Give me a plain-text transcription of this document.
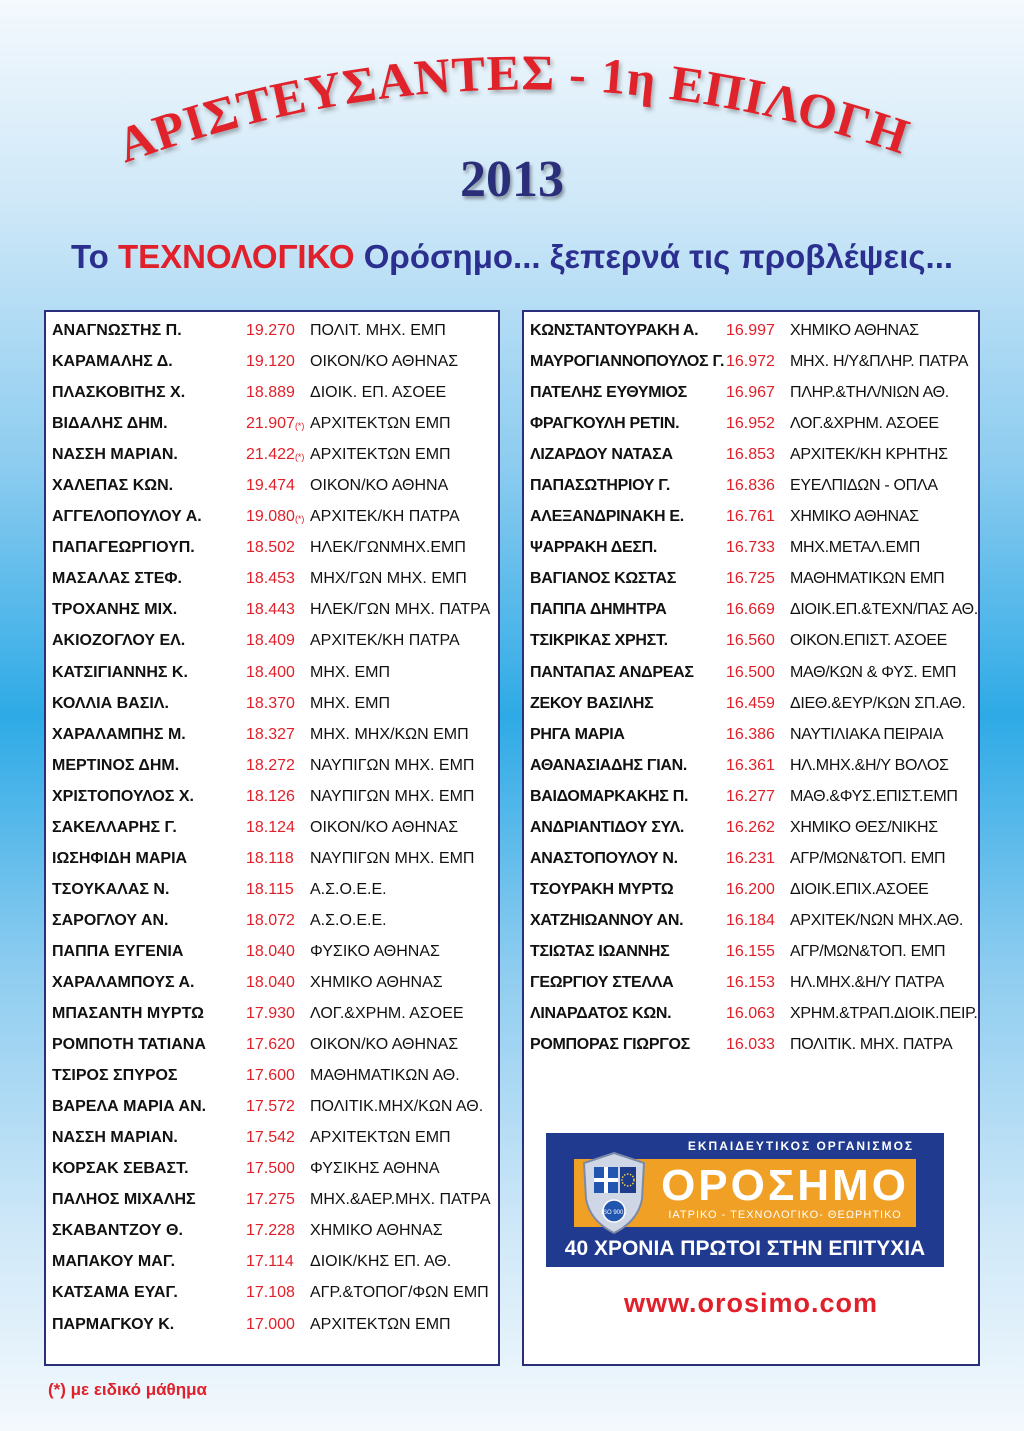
ΑΡΙΣΤΕΥΣΑΝΤΕΣ - 1η ΕΠΙΛΟΓΗ
2013
Το ΤΕΧΝΟΛΟΓΙΚΟ Ορόσημο... ξεπερνά τις προβλέψεις...
ΑΝΑΓΝΩΣΤΗΣ Π.	19.270 ΠΟΛΙΤ. ΜΗΧ. ΕΜΠ
ΚΑΡΑΜΑΛΗΣ Δ.	19.120 ΟΙΚΟΝ/ΚΟ ΑΘΗΝΑΣ
ΠΛΑΣΚΟΒΙΤΗΣ Χ.	18.889 ΔΙΟΙΚ. ΕΠ. ΑΣΟΕΕ
ΒΙΔΑΛΗΣ ΔΗΜ.	21.907(*) ΑΡΧΙΤΕΚΤΩΝ ΕΜΠ
ΝΑΣΣΗ ΜΑΡΙΑΝ.	21.422(*) ΑΡΧΙΤΕΚΤΩΝ ΕΜΠ
ΧΑΛΕΠΑΣ ΚΩΝ.	19.474 ΟΙΚΟΝ/ΚΟ ΑΘΗΝΑ
ΑΓΓΕΛΟΠΟΥΛΟΥ Α.	19.080(*) ΑΡΧΙΤΕΚ/ΚΗ ΠΑΤΡΑ
ΠΑΠΑΓΕΩΡΓΙΟΥΠ.	18.502 ΗΛΕΚ/ΓΩΝΜΗΧ.ΕΜΠ
ΜΑΣΑΛΑΣ ΣΤΕΦ.	18.453 ΜΗΧ/ΓΩΝ ΜΗΧ. ΕΜΠ
ΤΡΟΧΑΝΗΣ ΜΙΧ.	18.443 ΗΛΕΚ/ΓΩΝ ΜΗΧ. ΠΑΤΡΑ
ΑΚΙΟΖΟΓΛΟΥ ΕΛ.	18.409 ΑΡΧΙΤΕΚ/ΚΗ ΠΑΤΡΑ
ΚΑΤΣΙΓΙΑΝΝΗΣ Κ.	18.400 ΜΗΧ. ΕΜΠ
ΚΟΛΛΙΑ ΒΑΣΙΛ.	18.370 ΜΗΧ. ΕΜΠ
ΧΑΡΑΛΑΜΠΗΣ Μ.	18.327 ΜΗΧ. ΜΗΧ/ΚΩΝ ΕΜΠ
ΜΕΡΤΙΝΟΣ ΔΗΜ.	18.272 ΝΑΥΠΙΓΩΝ ΜΗΧ. ΕΜΠ
ΧΡΙΣΤΟΠΟΥΛΟΣ Χ.	18.126 ΝΑΥΠΙΓΩΝ ΜΗΧ. ΕΜΠ
ΣΑΚΕΛΛΑΡΗΣ Γ.	18.124 ΟΙΚΟΝ/ΚΟ ΑΘΗΝΑΣ
ΙΩΣΗΦΙΔΗ ΜΑΡΙΑ	18.118 ΝΑΥΠΙΓΩΝ ΜΗΧ. ΕΜΠ
ΤΣΟΥΚΑΛΑΣ Ν.	18.115 Α.Σ.Ο.Ε.Ε.
ΣΑΡΟΓΛΟΥ ΑΝ.	18.072 Α.Σ.Ο.Ε.Ε.
ΠΑΠΠΑ ΕΥΓΕΝΙΑ	18.040 ΦΥΣΙΚΟ ΑΘΗΝΑΣ
ΧΑΡΑΛΑΜΠΟΥΣ Α.	18.040 ΧΗΜΙΚΟ ΑΘΗΝΑΣ
ΜΠΑΣΑΝΤΗ ΜΥΡΤΩ	17.930 ΛΟΓ.&ΧΡΗΜ. ΑΣΟΕΕ
ΡΟΜΠΟΤΗ ΤΑΤΙΑΝΑ	17.620 ΟΙΚΟΝ/ΚΟ ΑΘΗΝΑΣ
ΤΣΙΡΟΣ ΣΠΥΡΟΣ	17.600 ΜΑΘΗΜΑΤΙΚΩΝ ΑΘ.
ΒΑΡΕΛΑ ΜΑΡΙΑ ΑΝ. 17.572 ΠΟΛΙΤΙΚ.ΜΗΧ/ΚΩΝ ΑΘ.
ΝΑΣΣΗ ΜΑΡΙΑΝ.	17.542 ΑΡΧΙΤΕΚΤΩΝ ΕΜΠ
ΚΟΡΣΑΚ ΣΕΒΑΣΤ.	17.500 ΦΥΣΙΚΗΣ ΑΘΗΝΑ
ΠΑΛΗΟΣ ΜΙΧΑΛΗΣ	17.275 ΜΗΧ.&ΑΕΡ.ΜΗΧ. ΠΑΤΡΑ
ΣΚΑΒΑΝΤΖΟΥ Θ.	17.228 ΧΗΜΙΚΟ ΑΘΗΝΑΣ
ΜΑΠΑΚΟΥ ΜΑΓ.	17.114 ΔΙΟΙΚ/ΚΗΣ ΕΠ. ΑΘ.
ΚΑΤΣΑΜΑ ΕΥΑΓ.	17.108 ΑΓΡ.&ΤΟΠΟΓ/ΦΩΝ ΕΜΠ
ΠΑΡΜΑΓΚΟΥ Κ.	17.000 ΑΡΧΙΤΕΚΤΩΝ ΕΜΠ
ΚΩΝΣΤΑΝΤΟΥΡΑΚΗ Α. 16.997 ΧΗΜΙΚΟ ΑΘΗΝΑΣ
ΜΑΥΡΟΓΙΑΝΝΟΠΟΥΛΟΣ Γ. 16.972 ΜΗΧ. Η/Υ&ΠΛΗΡ. ΠΑΤΡΑ
ΠΑΤΕΛΗΣ ΕΥΘΥΜΙΟΣ 16.967 ΠΛΗΡ.&ΤΗΛ/ΝΙΩΝ ΑΘ.
ΦΡΑΓΚΟΥΛΗ ΡΕΤΙΝ.	16.952 ΛΟΓ.&ΧΡΗΜ. ΑΣΟΕΕ
ΛΙΖΑΡΔΟΥ ΝΑΤΑΣΑ	16.853 ΑΡΧΙΤΕΚ/ΚΗ ΚΡΗΤΗΣ
ΠΑΠΑΣΩΤΗΡΙΟΥ Γ.	16.836 ΕΥΕΛΠΙΔΩΝ - ΟΠΛΑ
ΑΛΕΞΑΝΔΡΙΝΑΚΗ Ε.	16.761 ΧΗΜΙΚΟ ΑΘΗΝΑΣ
ΨΑΡΡΑΚΗ ΔΕΣΠ.	16.733 ΜΗΧ.ΜΕΤΑΛ.ΕΜΠ
ΒΑΓΙΑΝΟΣ ΚΩΣΤΑΣ	16.725 ΜΑΘΗΜΑΤΙΚΩΝ ΕΜΠ
ΠΑΠΠΑ ΔΗΜΗΤΡΑ	16.669 ΔΙΟΙΚ.ΕΠ.&ΤΕΧΝ/ΠΑΣ ΑΘ.
ΤΣΙΚΡΙΚΑΣ ΧΡΗΣΤ.	16.560 ΟΙΚΟΝ.ΕΠΙΣΤ. ΑΣΟΕΕ
ΠΑΝΤΑΠΑΣ ΑΝΔΡΕΑΣ 16.500 ΜΑΘ/ΚΩΝ & ΦΥΣ. ΕΜΠ
ΖΕΚΟΥ ΒΑΣΙΛΗΣ	16.459 ΔΙΕΘ.&ΕΥΡ/ΚΩΝ ΣΠ.ΑΘ.
ΡΗΓΑ ΜΑΡΙΑ	16.386 ΝΑΥΤΙΛΙΑΚΑ ΠΕΙΡΑΙΑ
ΑΘΑΝΑΣΙΑΔΗΣ ΓΙΑΝ. 16.361 ΗΛ.ΜΗΧ.&Η/Υ ΒΟΛΟΣ
ΒΑΙΔΟΜΑΡΚΑΚΗΣ Π. 16.277 ΜΑΘ.&ΦΥΣ.ΕΠΙΣΤ.ΕΜΠ
ΑΝΔΡΙΑΝΤΙΔΟΥ ΣΥΛ.	16.262 ΧΗΜΙΚΟ ΘΕΣ/ΝΙΚΗΣ
ΑΝΑΣΤΟΠΟΥΛΟΥ Ν.	16.231 ΑΓΡ/ΜΩΝ&ΤΟΠ. ΕΜΠ
ΤΣΟΥΡΑΚΗ ΜΥΡΤΩ	16.200 ΔΙΟΙΚ.ΕΠΙΧ.ΑΣΟΕΕ
ΧΑΤΖΗΙΩΑΝΝΟΥ ΑΝ.	16.184 ΑΡΧΙΤΕΚ/ΝΩΝ ΜΗΧ.ΑΘ.
ΤΣΙΩΤΑΣ ΙΩΑΝΝΗΣ	16.155 ΑΓΡ/ΜΩΝ&ΤΟΠ. ΕΜΠ
ΓΕΩΡΓΙΟΥ ΣΤΕΛΛΑ	16.153 ΗΛ.ΜΗΧ.&Η/Υ ΠΑΤΡΑ
ΛΙΝΑΡΔΑΤΟΣ ΚΩΝ.	16.063 ΧΡΗΜ.&ΤΡΑΠ.ΔΙΟΙΚ.ΠΕΙΡ.
ΡΟΜΠΟΡΑΣ ΓΙΩΡΓΟΣ 16.033 ΠΟΛΙΤΙΚ. ΜΗΧ. ΠΑΤΡΑ
ΕΚΠΑΙΔΕΥΤΙΚΟΣ ΟΡΓΑΝΙΣΜΟΣ
ISO 9001
ΟΡΟΣΗΜΟ
ΙΑΤΡΙΚΟ - ΤΕΧΝΟΛΟΓΙΚΟ- ΘΕΩΡΗΤΙΚΟ
40 ΧΡΟΝΙΑ ΠΡΩΤΟΙ ΣΤΗΝ ΕΠΙΤΥΧΙΑ
www.orosimo.com
(*) με ειδικό μάθημα
